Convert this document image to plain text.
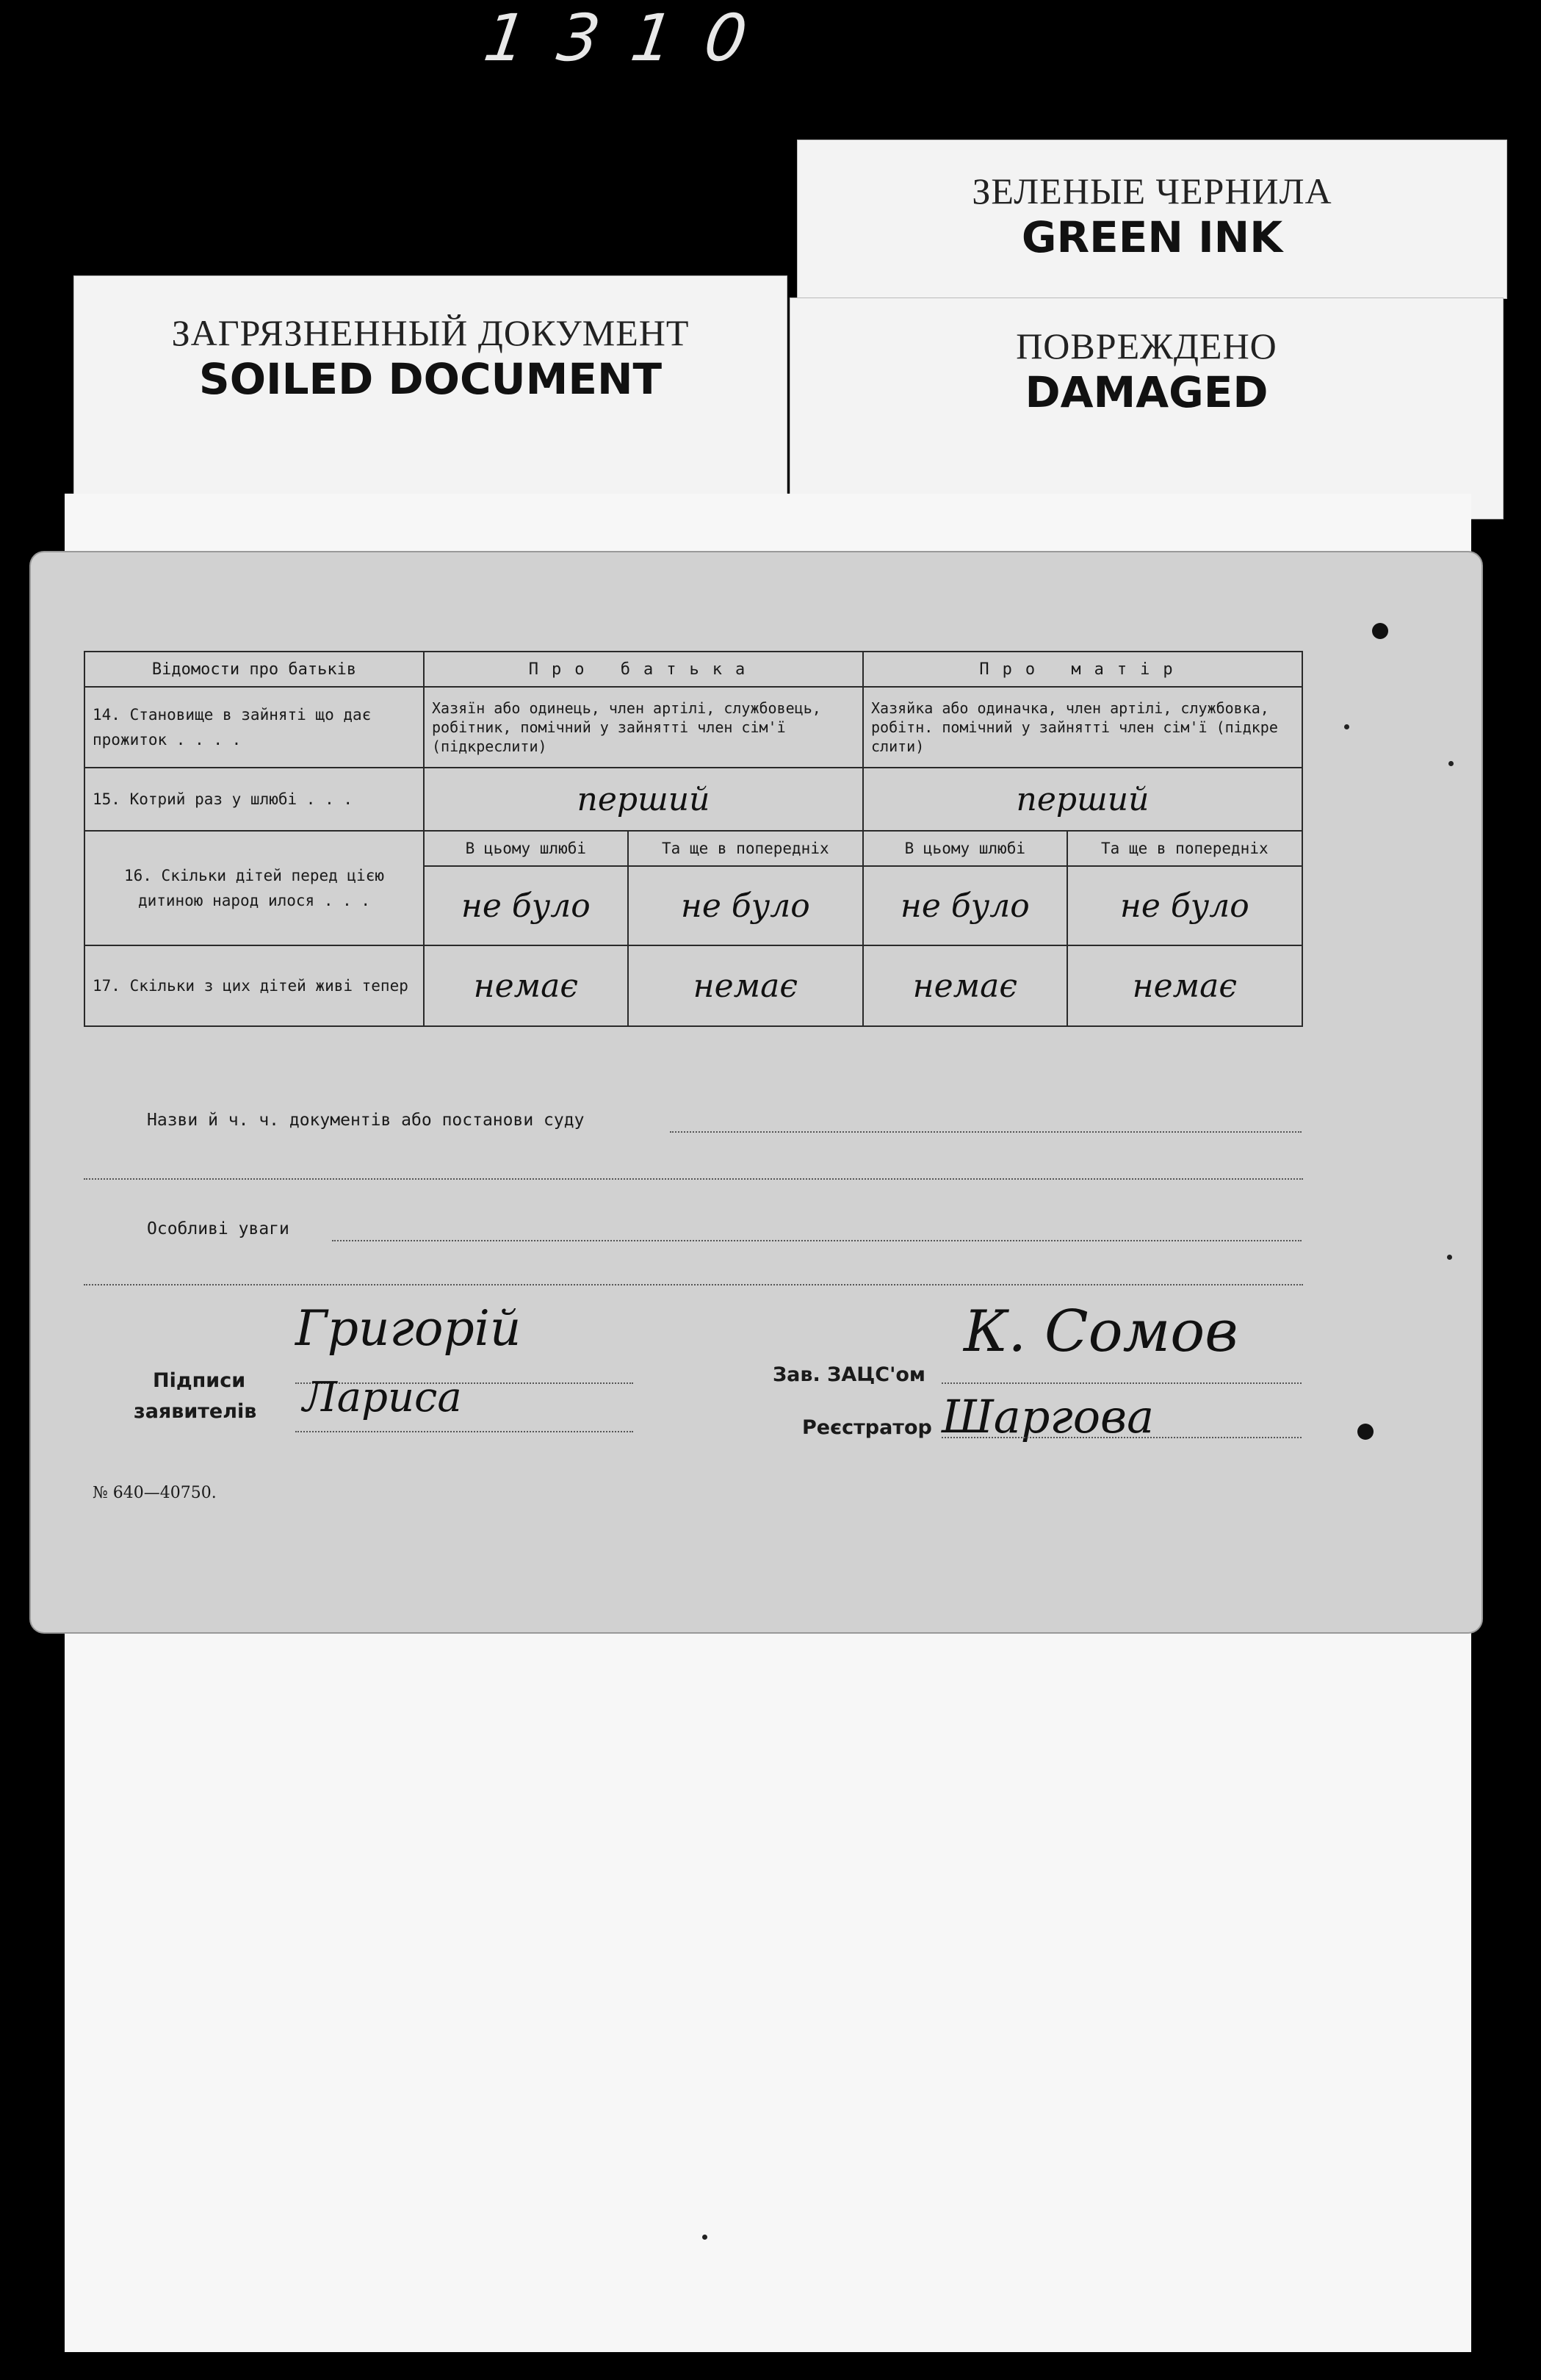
1310
ЗЕЛЕНЫЕ ЧЕРНИЛА
GREEN INK
ЗАГРЯЗНЕННЫЙ ДОКУМЕНТ
SOILED DOCUMENT
ПОВРЕЖДЕНО
DAMAGED
Відомости про батьків	Про батька		Про матір	
14. Становище в зайняті що дає прожиток . . . .	Хазяїн або одинець, член артілі, службовець, робітник, помічний у зайнятті член сім'ї (підкреслити)		Хазяйка або одиначка, член артілі, службовка, робітн. помічний у зайнятті член сім'ї (підкре слити)	
15. Котрий раз у шлюбі . . .	перший		перший	
16. Скільки дітей перед цією дитиною народ илося . . .	В цьому шлюбі	Та ще в попередніх	В цьому шлюбі	Та ще в попередніх
	не було	не було	не було	не було
17. Скільки з цих дітей живі тепер	немає	немає	немає	немає
Назви й ч. ч. документів або постанови суду
Особливі уваги
Підписи
заявителів
Григорій
Лариса	Зав. ЗАЦС'ом
К. Сомов
Реєстратор Шаргова
№ 640—40750.
